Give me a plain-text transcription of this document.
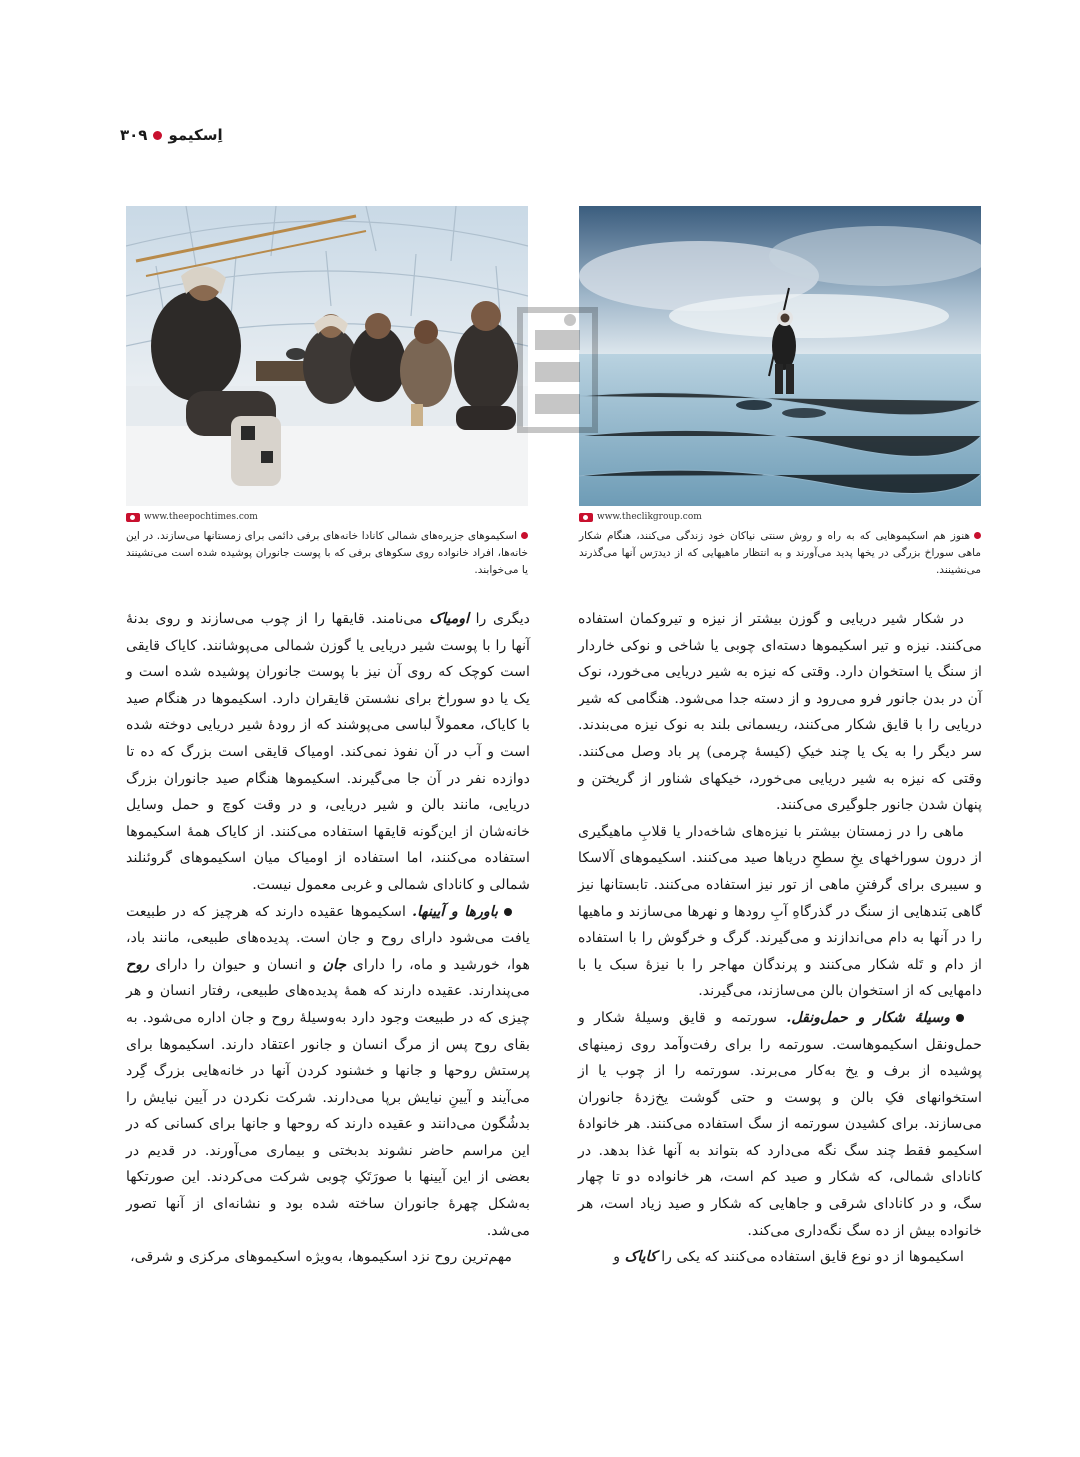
اِسکیمو
۳۰۹
www.theepochtimes.com	www.theclikgroup.com
اسکیموهای جزیره‌های شمالی کانادا خانه‌های برفی دائمی برای زمستانها می‌سازند. در این خانه‌ها، افراد خانواده روی سکوهای برفی که با پوست جانوران پوشیده شده است می‌نشینند یا می‌خوابند.
هنوز هم اسکیموهایی که به راه و روش سنتی نیاکان خود زندگی می‌کنند، هنگام شکار ماهی سوراخ بزرگی در یخها پدید می‌آورند و به انتظار ماهیهایی که از دیدرَس آنها می‌گذرند می‌نشینند.

در شکار شیر دریایی و گوزن بیشتر از نیزه و تیروکمان استفاده می‌کنند. نیزه و تیر اسکیموها دسته‌ای چوبی یا شاخی و نوکی خاردار از سنگ یا استخوان دارد. وقتی که نیزه به شیر دریایی می‌خورد، نوک آن در بدن جانور فرو می‌رود و از دسته جدا می‌شود. هنگامی که شیر دریایی را با قایق شکار می‌کنند، ریسمانی بلند به نوک نیزه می‌بندند. سر دیگر را به یک یا چند خیکِ (کیسهٔ چرمی) پر باد وصل می‌کنند. وقتی که نیزه به شیر دریایی می‌خورد، خیکهای شناور از گریختن و پنهان شدن جانور جلوگیری می‌کنند.

ماهی را در زمستان بیشتر با نیزه‌های شاخه‌دار یا قلابِ ماهیگیری از درون سوراخهای یخِ سطحِ دریاها صید می‌کنند. اسکیموهای آلاسکا و سیبری برای گرفتنِ ماهی از تور نیز استفاده می‌کنند. تابستانها نیز گاهی بَندهایی از سنگ در گذرگاهِ آبِ رودها و نهرها می‌سازند و ماهیها را در آنها به دام می‌اندازند و می‌گیرند. گرگ و خرگوش را با استفاده از دام و تَله شکار می‌کنند و پرندگان مهاجر را با نیزهٔ سبک یا با دامهایی که از استخوان بالن می‌سازند، می‌گیرند.

وسیلهٔ شکار و حمل‌ونقل. سورتمه و قایق وسیلهٔ شکار و حمل‌ونقل اسکیموهاست. سورتمه را برای رفت‌وآمد روی زمینهای پوشیده از برف و یخ به‌کار می‌برند. سورتمه را از چوب یا از استخوانهای فکِ بالن و پوست و حتی گوشت یخ‌زدهٔ جانوران می‌سازند. برای کشیدن سورتمه از سگ استفاده می‌کنند. هر خانوادهٔ اسکیمو فقط چند سگ نگه می‌دارد که بتواند به آنها غذا بدهد. در کانادای شمالی، که شکار و صید کم است، هر خانواده دو تا چهار سگ، و در کانادای شرقی و جاهایی که شکار و صید زیاد است، هر خانواده بیش از ده سگ نگه‌داری می‌کند.

اسکیموها از دو نوع قایق استفاده می‌کنند که یکی را کایاک و

دیگری را اومیاک می‌نامند. قایقها را از چوب می‌سازند و روی بدنهٔ آنها را با پوست شیر دریایی یا گوزن شمالی می‌پوشانند. کایاک قایقی است کوچک که روی آن نیز با پوست جانوران پوشیده شده است و یک یا دو سوراخ برای نشستن قایقران دارد. اسکیموها در هنگام صید با کایاک، معمولاً لباسی می‌پوشند که از رودهٔ شیر دریایی دوخته شده است و آب در آن نفوذ نمی‌کند. اومیاک قایقی است بزرگ که ده تا دوازده نفر در آن جا می‌گیرند. اسکیموها هنگام صید جانوران بزرگ دریایی، مانند بالن و شیر دریایی، و در وقت کوچ و حمل وسایل خانه‌شان از این‌گونه قایقها استفاده می‌کنند. از کایاک همهٔ اسکیموها استفاده می‌کنند، اما استفاده از اومیاک میان اسکیموهای گروئنلند شمالی و کانادای شمالی و غربی معمول نیست.

باورها و آیینها. اسکیموها عقیده دارند که هرچیز که در طبیعت یافت می‌شود دارای روح و جان است. پدیده‌های طبیعی، مانند باد، هوا، خورشید و ماه، را دارای جان و انسان و حیوان را دارای روح می‌پندارند. عقیده دارند که همهٔ پدیده‌های طبیعی، رفتار انسان و هر چیزی که در طبیعت وجود دارد به‌وسیلهٔ روح و جان اداره می‌شود. به بقای روح پس از مرگ انسان و جانور اعتقاد دارند. اسکیموها برای پرستش روحها و جانها و خشنود کردن آنها در خانه‌هایی بزرگ گِرد می‌آیند و آیینِ نیایش برپا می‌دارند. شرکت نکردن در آیین نیایش را بدشُگون می‌دانند و عقیده دارند که روحها و جانها برای کسانی که در این مراسم حاضر نشوند بدبختی و بیماری می‌آورند. در قدیم در بعضی از این آیینها با صورَتَکِ چوبی شرکت می‌کردند. این صورتکها به‌شکل چهرهٔ جانوران ساخته شده بود و نشانه‌ای از آنها تصور می‌شد.

مهم‌ترین روح نزد اسکیموها، به‌ویژه اسکیموهای مرکزی و شرقی،
